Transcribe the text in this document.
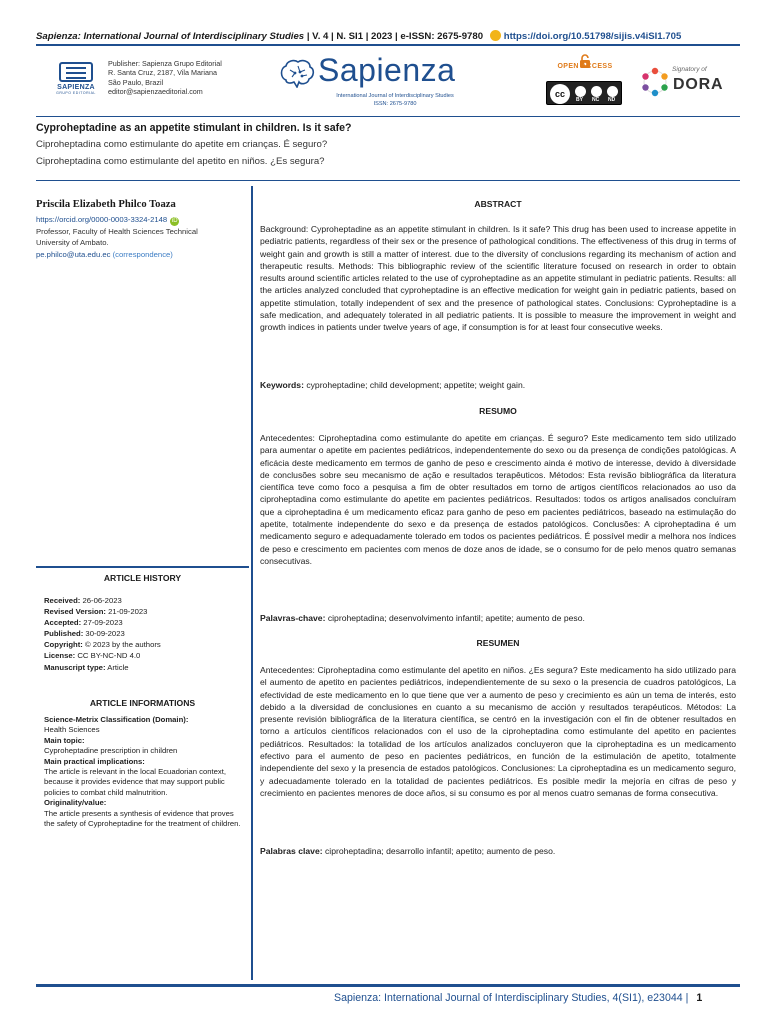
Sapienza: International Journal of Interdisciplinary Studies | V. 4 | N. SI1 | 2023 | e-ISSN: 2675-9780 https://doi.org/10.51798/sijis.v4iSI1.705
SAPIENZA
GRUPO EDITORIAL
Publisher: Sapienza Grupo Editorial
R. Santa Cruz, 2187, Vila Mariana
São Paulo, Brazil
editor@sapienzaeditorial.com
Sapienza
International Journal of Interdisciplinary Studies
ISSN: 2675-9780
OPEN ACCESS
cc
BY NC ND
Signatory of
DORA
Cyproheptadine as an appetite stimulant in children. Is it safe?
Ciproheptadina como estimulante do apetite em crianças. É seguro?
Ciproheptadina como estimulante del apetito en niños. ¿Es segura?
Priscila Elizabeth Philco Toaza
https://orcid.org/0000-0003-3324-2148 iD
Professor, Faculty of Health Sciences Technical
University of Ambato.
pe.philco@uta.edu.ec (correspondence)
ARTICLE HISTORY
Received: 26-06-2023
Revised Version: 21-09-2023
Accepted: 27-09-2023
Published: 30-09-2023
Copyright: © 2023 by the authors
License: CC BY-NC-ND 4.0
Manuscript type: Article
ARTICLE INFORMATIONS
Science-Metrix Classification (Domain):
Health Sciences
Main topic:
Cyproheptadine prescription in children
Main practical implications:
The article is relevant in the local Ecuadorian context, because it provides evidence that may support public policies to combat child malnutrition.
Originality/value:
The article presents a synthesis of evidence that proves the safety of Cyproheptadine for the treatment of children.
ABSTRACT
Background: Cyproheptadine as an appetite stimulant in children. Is it safe? This drug has been used to increase appetite in pediatric patients, regardless of their sex or the presence of pathological conditions. The effectiveness of this drug in terms of weight gain and growth is still a matter of interest. due to the diversity of conclusions regarding its mechanism of action and therapeutic results. Methods: This bibliographic review of the scientific literature focused on research in order to obtain results around scientific articles related to the use of cyproheptadine as an appetite stimulant in pediatric patients. Results: all the articles analyzed concluded that cyproheptadine is an effective medication for weight gain in pediatric patients, based on appetite stimulation, totally independent of sex and the presence of pathological states. Conclusions: Cyproheptadine is a safe medication, and adequately tolerated in all pediatric patients. It is possible to measure the improvement in weight and growth indices in patients under twelve years of age, if consumption is for at least four consecutive weeks.
Keywords: cyproheptadine; child development; appetite; weight gain.
RESUMO
Antecedentes: Ciproheptadina como estimulante do apetite em crianças. É seguro? Este medicamento tem sido utilizado para aumentar o apetite em pacientes pediátricos, independentemente do sexo ou da presença de condições patológicas. A eficácia deste medicamento em termos de ganho de peso e crescimento ainda é motivo de interesse, devido à diversidade de conclusões sobre seu mecanismo de ação e resultados terapêuticos. Métodos: Esta revisão bibliográfica da literatura científica teve como foco a pesquisa a fim de obter resultados em torno de artigos científicos relacionados ao uso da ciproheptadina como estimulante do apetite em pacientes pediátricos. Resultados: todos os artigos analisados concluíram que a ciproheptadina é um medicamento eficaz para ganho de peso em pacientes pediátricos, baseado na estimulação do apetite, totalmente independente do sexo e da presença de estados patológicos. Conclusões: A ciproheptadina é um medicamento seguro e adequadamente tolerado em todos os pacientes pediátricos. É possível medir a melhora nos índices de peso e crescimento em pacientes com menos de doze anos de idade, se o consumo for de pelo menos quatro semanas consecutivas.
Palavras-chave: ciproheptadina; desenvolvimento infantil; apetite; aumento de peso.
RESUMEN
Antecedentes: Ciproheptadina como estimulante del apetito en niños. ¿Es segura? Este medicamento ha sido utilizado para el aumento de apetito en pacientes pediátricos, independientemente de su sexo o la presencia de cuadros patológicos, La efectividad de este medicamento en lo que tiene que ver a aumento de peso y crecimiento es aún un tema de interés, esto debido a la diversidad de conclusiones en cuanto a su mecanismo de acción y resultados terapéuticos. Métodos: La presente revisión bibliográfica de la literatura científica, se centró en la investigación con el fin de obtener resultados en torno a artículos científicos relacionados con el uso de la ciproheptadina como estimulante del apetito en pacientes pediátricos. Resultados: la totalidad de los artículos analizados concluyeron que la ciproheptadina es un medicamento efectivo para el aumento de peso en pacientes pediátricos, en función de la estimulación de apetito, totalmente independiente del sexo y la presencia de estados patológicos. Conclusiones: La ciproheptadina es un medicamento seguro, y adecuadamente tolerado en la totalidad de pacientes pediátricos. Es posible medir la mejoría en cifras de peso y crecimiento en pacientes menores de doce años, si su consumo es por al menos cuatro semanas de forma consecutiva.
Palabras clave: ciproheptadina; desarrollo infantil; apetito; aumento de peso.
Sapienza: International Journal of Interdisciplinary Studies, 4(SI1), e23044 | 1
